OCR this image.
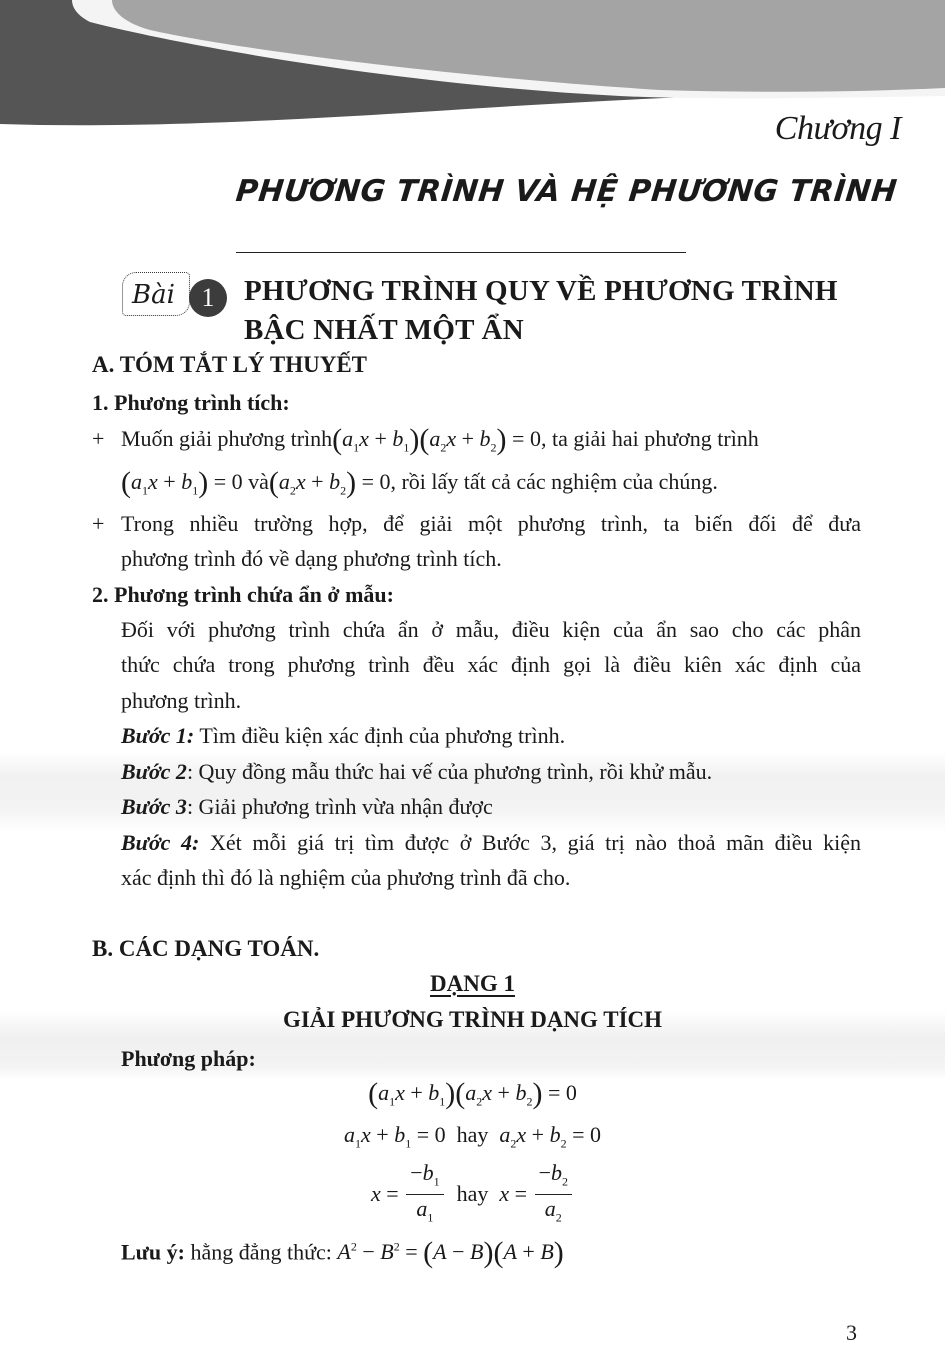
Chương I
PHƯƠNG TRÌNH VÀ HỆ PHƯƠNG TRÌNH
Bài	1	PHƯƠNG TRÌNH QUY VỀ PHƯƠNG TRÌNH
BẬC NHẤT MỘT ẨN
A. TÓM TẮT LÝ THUYẾT
1. Phương trình tích:
+ Muốn giải phương $trình(a_1x + b_1)(a_2x + b_2) = 0$, ta giải hai phương trình
$(a_1x + b_1) = 0$ $và(a_2x + b_2) = 0$, rồi lấy tất cả các nghiệm của chúng.
+ Trong nhiều trường hợp, để giải một phương trình, ta biến đối để đưa
phương trình đó về dạng phương trình tích.
2. Phương trình chứa ẩn ở mẫu:
Đối với phương trình chứa ẩn ở mẫu, điều kiện của ẩn sao cho các phân
thức chứa trong phương trình đều xác định gọi là điều kiên xác định của
phương trình.
Bước 1: Tìm điều kiện xác định của phương trình.
Bước 2: Quy đồng mẫu thức hai vế của phương trình, rồi khử mẫu.
Bước 3: Giải phương trình vừa nhận được
Bước 4: Xét mỗi giá trị tìm được ở Bước 3, giá trị nào thoả mãn điều kiện
xác định thì đó là nghiệm của phương trình đã cho.
B. CÁC DẠNG TOÁN.
DẠNG 1
GIẢI PHƯƠNG TRÌNH DẠNG TÍCH
Phương pháp:
$(a_1x + b_1)(a_2x + b_2) = 0$
$a_1x + b_1 = 0$  hay $a_2x + b_2 = 0$
$x = \frac{-b_1}{a_1}$ hay $x = \frac{-b_2}{a_2}$
Lưu ý: hằng đẳng thức: $A^2 - B^2 = (A - B)(A + B)$
3
